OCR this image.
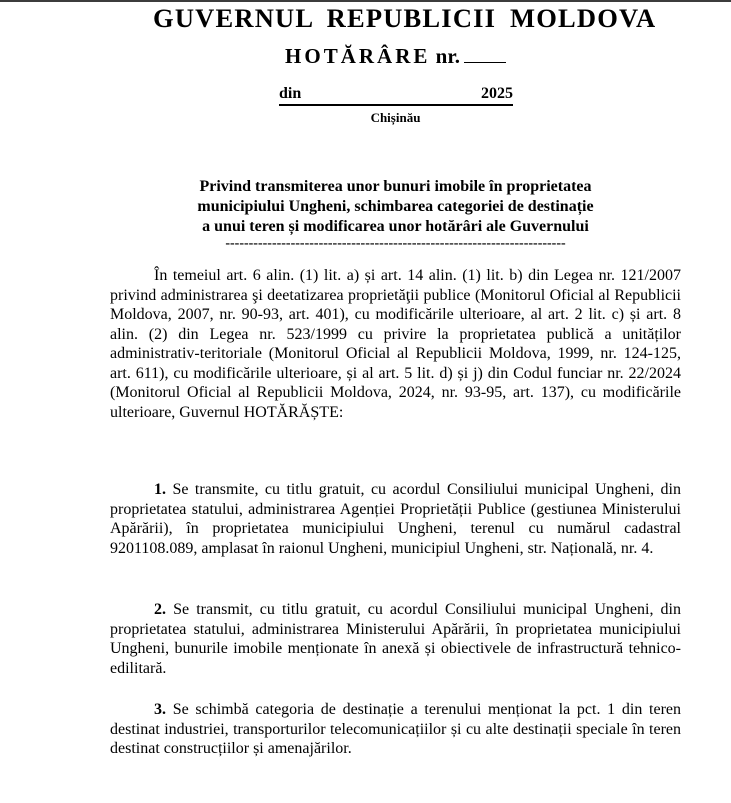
GUVERNUL REPUBLICII MOLDOVA
HOTĂRÂRE nr.
din	2025
Chișinău
Privind transmiterea unor bunuri imobile în proprietatea
municipiului Ungheni, schimbarea categoriei de destinație
a unui teren și modificarea unor hotărâri ale Guvernului
-------------------------------------------------------------------------

În temeiul art. 6 alin. (1) lit. a) și art. 14 alin. (1) lit. b) din Legea nr. 121/2007 privind administrarea şi deetatizarea proprietăţii publice (Monitorul Oficial al Republicii Moldova, 2007, nr. 90-93, art. 401), cu modificările ulterioare, al art. 2 lit. c) și art. 8 alin. (2) din Legea nr. 523/1999 cu privire la proprietatea publică a unităților administrativ-teritoriale (Monitorul Oficial al Republicii Moldova, 1999, nr. 124-125, art. 611), cu modificările ulterioare, și al art. 5 lit. d) și j) din Codul funciar nr. 22/2024 (Monitorul Oficial al Republicii Moldova, 2024, nr. 93-95, art. 137), cu modificările ulterioare, Guvernul HOTĂRĂȘTE:

1. Se transmite, cu titlu gratuit, cu acordul Consiliului municipal Ungheni, din proprietatea statului, administrarea Agenției Proprietății Publice (gestiunea Ministerului Apărării), în proprietatea municipiului Ungheni, terenul cu numărul cadastral 9201108.089, amplasat în raionul Ungheni, municipiul Ungheni, str. Națională, nr. 4.

2. Se transmit, cu titlu gratuit, cu acordul Consiliului municipal Ungheni, din proprietatea statului, administrarea Ministerului Apărării, în proprietatea municipiului Ungheni, bunurile imobile menționate în anexă și obiectivele de infrastructură tehnico-edilitară.

3. Se schimbă categoria de destinație a terenului menționat la pct. 1 din teren destinat industriei, transporturilor telecomunicațiilor și cu alte destinații speciale în teren destinat construcțiilor și amenajărilor.
